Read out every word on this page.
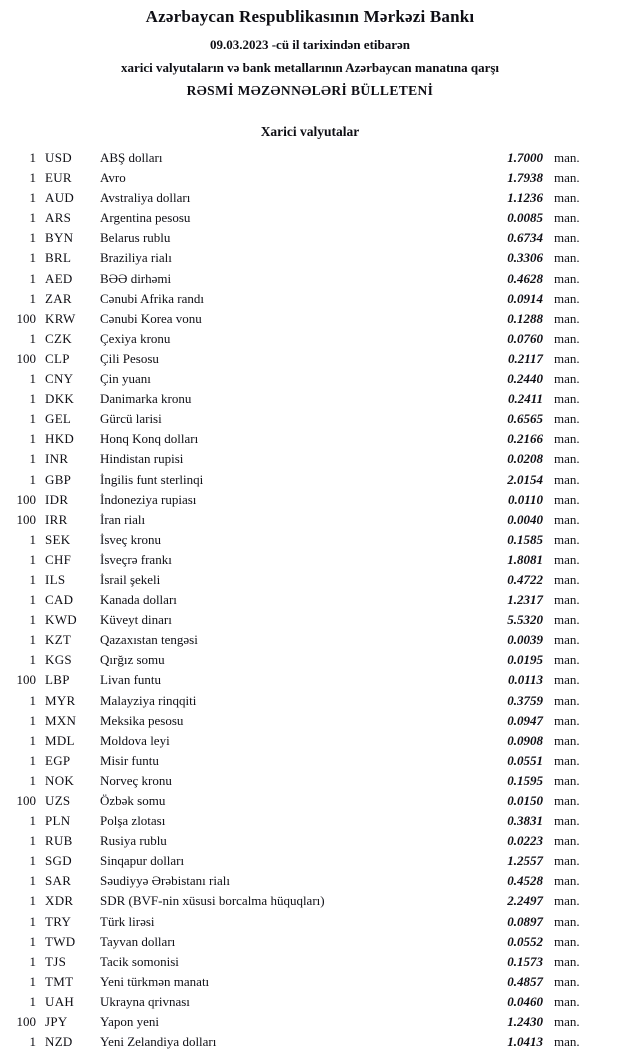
Azərbaycan Respublikasının Mərkəzi Bankı
09.03.2023 -cü il tarixindən etibarən
xarici valyutaların və bank metallarının Azərbaycan manatına qarşı
RƏSMİ MƏZƏNNƏLƏRİ BÜLLETENİ
Xarici valyutalar
1 USD	ABŞ dolları	1.7000 man.
1 EUR	Avro	1.7938 man.
1 AUD	Avstraliya dolları	1.1236 man.
1 ARS	Argentina pesosu	0.0085 man.
1 BYN	Belarus rublu	0.6734 man.
1 BRL	Braziliya rialı	0.3306 man.
1 AED	BƏƏ dirhəmi	0.4628 man.
1 ZAR	Cənubi Afrika randı	0.0914 man.
100 KRW	Cənubi Korea vonu	0.1288 man.
1 CZK	Çexiya kronu	0.0760 man.
100 CLP	Çili Pesosu	0.2117 man.
1 CNY	Çin yuanı	0.2440 man.
1 DKK	Danimarka kronu	0.2411 man.
1 GEL	Gürcü larisi	0.6565 man.
1 HKD	Honq Konq dolları	0.2166 man.
1 INR	Hindistan rupisi	0.0208 man.
1 GBP	İngilis funt sterlinqi	2.0154 man.
100 IDR	İndoneziya rupiası	0.0110 man.
100 IRR	İran rialı	0.0040 man.
1 SEK	İsveç kronu	0.1585 man.
1 CHF	İsveçrə frankı	1.8081 man.
1 ILS	İsrail şekeli	0.4722 man.
1 CAD	Kanada dolları	1.2317 man.
1 KWD	Küveyt dinarı	5.5320 man.
1 KZT	Qazaxıstan tengəsi	0.0039 man.
1 KGS	Qırğız somu	0.0195 man.
100 LBP	Livan funtu	0.0113 man.
1 MYR	Malayziya rinqqiti	0.3759 man.
1 MXN	Meksika pesosu	0.0947 man.
1 MDL	Moldova leyi	0.0908 man.
1 EGP	Misir funtu	0.0551 man.
1 NOK	Norveç kronu	0.1595 man.
100 UZS	Özbək somu	0.0150 man.
1 PLN	Polşa zlotası	0.3831 man.
1 RUB	Rusiya rublu	0.0223 man.
1 SGD	Sinqapur dolları	1.2557 man.
1 SAR	Səudiyyə Ərəbistanı rialı	0.4528 man.
1 XDR	SDR (BVF-nin xüsusi borcalma hüquqları)	2.2497 man.
1 TRY	Türk lirəsi	0.0897 man.
1 TWD	Tayvan dolları	0.0552 man.
1 TJS	Tacik somonisi	0.1573 man.
1 TMT	Yeni türkmən manatı	0.4857 man.
1 UAH	Ukrayna qrivnası	0.0460 man.
100 JPY	Yapon yeni	1.2430 man.
1 NZD	Yeni Zelandiya dolları	1.0413 man.
